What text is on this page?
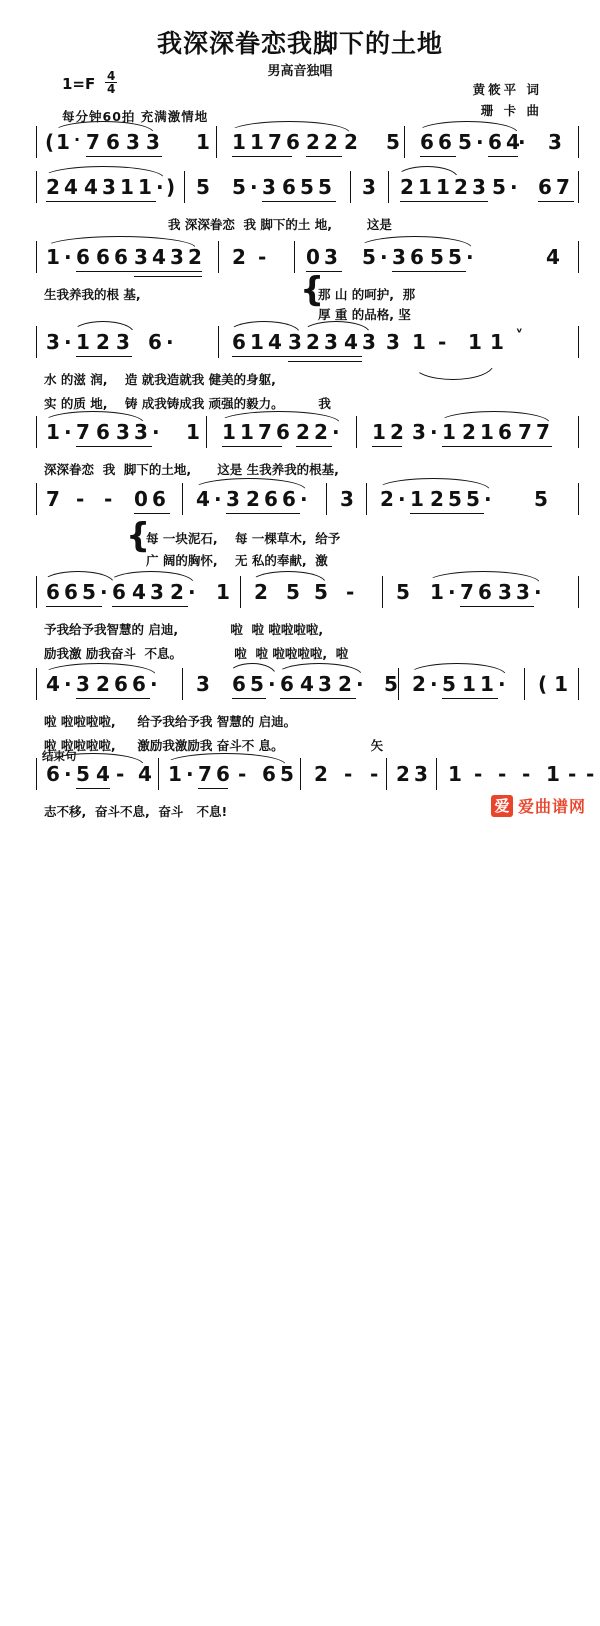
我深深眷恋我脚下的土地
男高音独唱
$1=F \frac{4}{4}$
每分钟60拍 充满激情地
黄筱平 词
珊 卡 曲

(

1

·

7

6

3

3

1

1

1

7

6

2

2

2

5

6

6

5

·

6

4

·

3

2

4

4

3

1

1

·

)

5

5

·

3

6

5

5

3

2

1

1

2

3

5

·

6

7

我 深深眷恋  我 脚下的土 地,        这是

1

·

6

6

6

3

4

3

2

2

-

0

3

5

·

3

6

5

5

·

	4

生我养我的根 基,

	{

那 山 的呵护,  那

厚 重 的品格, 坚

3

·

1

2

3

6

·

	6

1

4

3

2

3

4

3

3

1

-

1

1

ᵛ

水 的滋 润,    造 就我造就我 健美的身躯,

实 的质 地,    铸 成我铸成我 顽强的毅力。        我

1

·

7

6

3

3

·

1

1

1

7

6

2

2

·

1

2

3

·

1

2

1

6

7

7

深深眷恋  我  脚下的土地,      这是 生我养我的根基,

7

-

-

0

6

4

·

3

2

6

6

·

3

2

·

1

2

5

5

·

5

{

每 一块泥石,    每 一棵草木,  给予

广 阔的胸怀,    无 私的奉献,  激

6

6

5

·

6

4

3

2

·

1

2

5

5

-

5

1

·

7

6

3

3

·

予我给予我智慧的 启迪,            啦  啦 啦啦啦啦,

励我激 励我奋斗  不息。            啦  啦 啦啦啦啦,  啦

4

·

3

2

6

6

·

3

6

5

·

6

4

3

2

·

5

2

·

5

1

1

·

( 1

啦 啦啦啦啦,     给予我给予我 智慧的 启迪。

啦 啦啦啦啦,     激励我激励我 奋斗不 息。                    矢

结束句

6

·

5

4

-

4

1

·

7

6

-

6

5

2

-

-

2

3

1

-

-

-

1

-

-

志不移,  奋斗不息,  奋斗   不息!

	爱 爱曲谱网
